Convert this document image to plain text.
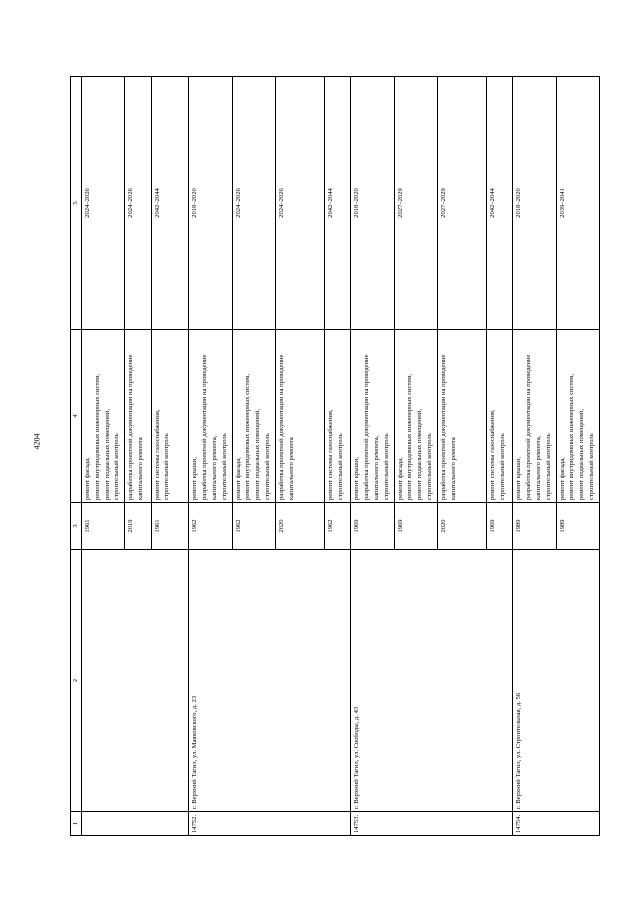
4204
1	2	3	4	5
		1961	ремонт фасада,
ремонт внутридомовых инженерных систем,
ремонт подвальных помещений,
строительный контроль	2024–2026
		2019	разработка проектной документации на проведение капитального ремонта	2024–2026
		1961	ремонт системы газоснабжения,
строительный контроль	2042–2044
14752.	г. Верхний Тагил, ул. Маяковского, д. 23	1962	ремонт крыши,
разработка проектной документации на проведение капитального ремонта,
строительный контроль	2018–2020
		1962	ремонт фасада,
ремонт внутридомовых инженерных систем,
ремонт подвальных помещений,
строительный контроль	2024–2026
		2020	разработка проектной документации на проведение капитального ремонта	2024–2026
		1962	ремонт системы газоснабжения,
строительный контроль	2042–2044
14753.	г. Верхний Тагил, ул. Свободы, д. 43	1969	ремонт крыши,
разработка проектной документации на проведение капитального ремонта,
строительный контроль	2018–2020
		1969	ремонт фасада,
ремонт внутридомовых инженерных систем,
ремонт подвальных помещений,
строительный контроль	2027–2029
		2020	разработка проектной документации на проведение капитального ремонта	2027–2029
		1969	ремонт системы газоснабжения,
строительный контроль	2042–2044
14754.	г. Верхний Тагил, ул. Строительная, д. 56	1989	ремонт крыши,
разработка проектной документации на проведение капитального ремонта,
строительный контроль	2018–2020
		1989	ремонт фасада,
ремонт внутридомовых инженерных систем,
ремонт подвальных помещений,
строительный контроль	2039–2041
